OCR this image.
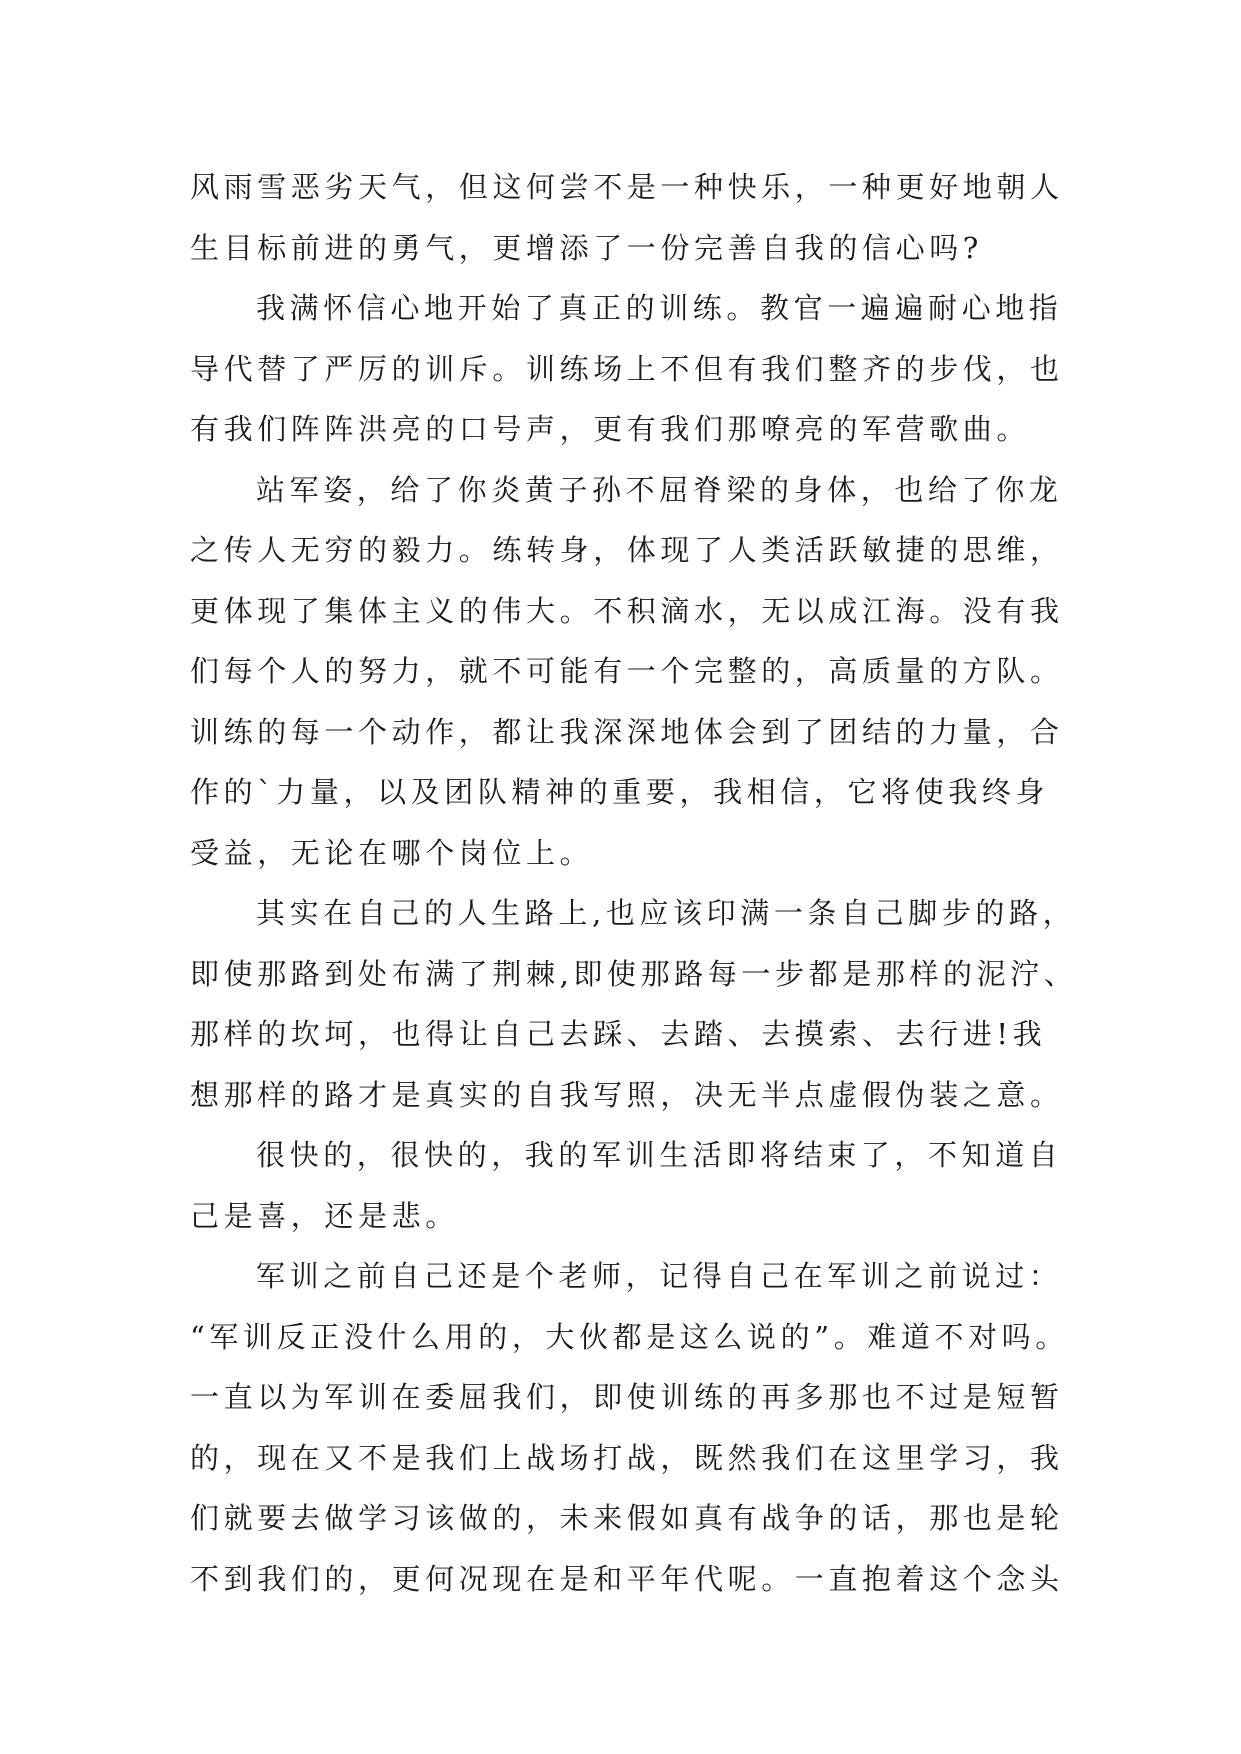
风雨雪恶劣天气，但这何尝不是一种快乐，一种更好地朝人
生目标前进的勇气，更增添了一份完善自我的信心吗?
我满怀信心地开始了真正的训练。教官一遍遍耐心地指
导代替了严厉的训斥。训练场上不但有我们整齐的步伐，也
有我们阵阵洪亮的口号声，更有我们那嘹亮的军营歌曲。
站军姿，给了你炎黄子孙不屈脊梁的身体，也给了你龙
之传人无穷的毅力。练转身，体现了人类活跃敏捷的思维，
更体现了集体主义的伟大。不积滴水，无以成江海。没有我
们每个人的努力，就不可能有一个完整的，高质量的方队。
训练的每一个动作，都让我深深地体会到了团结的力量，合
作的`力量，以及团队精神的重要，我相信，它将使我终身
受益，无论在哪个岗位上。
其实在自己的人生路上,也应该印满一条自己脚步的路，
即使那路到处布满了荆棘,即使那路每一步都是那样的泥泞、
那样的坎坷，也得让自己去踩、去踏、去摸索、去行进!我
想那样的路才是真实的自我写照，决无半点虚假伪装之意。
很快的，很快的，我的军训生活即将结束了，不知道自
己是喜，还是悲。
军训之前自己还是个老师，记得自己在军训之前说过：
“军训反正没什么用的，大伙都是这么说的”。难道不对吗。
一直以为军训在委屈我们，即使训练的再多那也不过是短暂
的，现在又不是我们上战场打战，既然我们在这里学习，我
们就要去做学习该做的，未来假如真有战争的话，那也是轮
不到我们的，更何况现在是和平年代呢。一直抱着这个念头
